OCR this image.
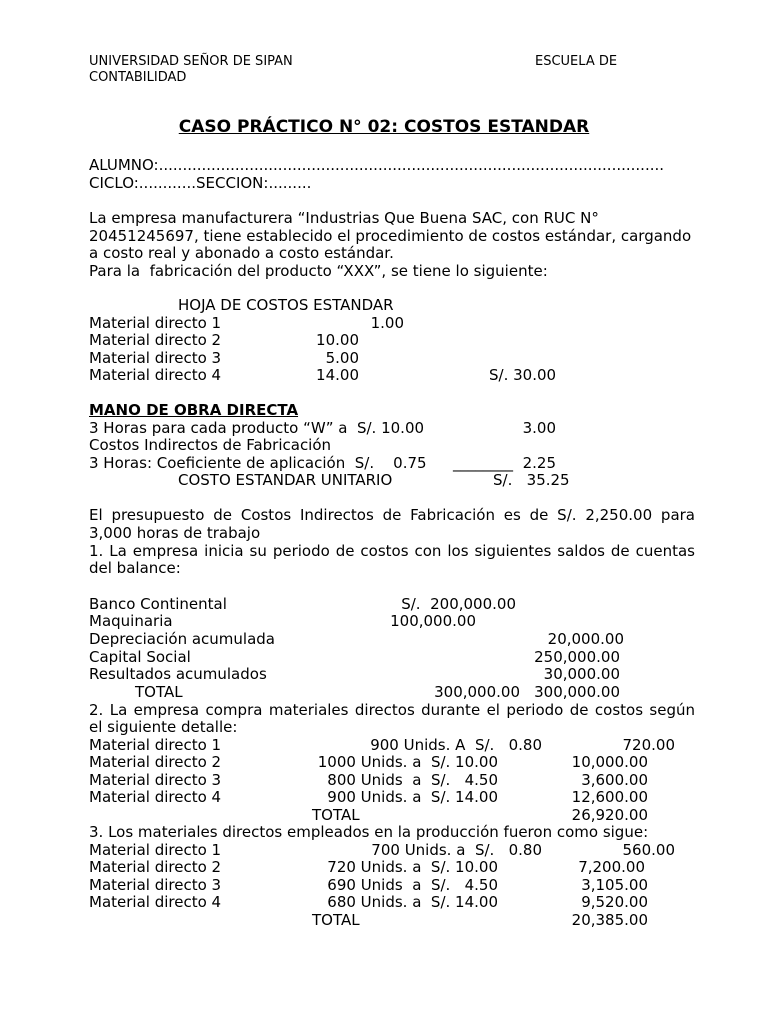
UNIVERSIDAD SEÑOR DE SIPAN	ESCUELA DE
CONTABILIDAD
CASO PRÁCTICO N° 02: COSTOS ESTANDAR
ALUMNO:..........................................................................................................
CICLO:............SECCION:.........
La empresa manufacturera “Industrias Que Buena SAC, con RUC N°
20451245697, tiene establecido el procedimiento de costos estándar, cargando
a costo real y abonado a costo estándar.
Para la  fabricación del producto “XXX”, se tiene lo siguiente:
HOJA DE COSTOS ESTANDAR
Material directo 1	1.00
Material directo 2	10.00
Material directo 3	5.00
Material directo 4	14.00	S/. 30.00
MANO DE OBRA DIRECTA
3 Horas para cada producto “W” a  S/. 10.00	3.00
Costos Indirectos de Fabricación
3 Horas: Coeficiente de aplicación  S/.    0.75 ________ 2.25
COSTO ESTANDAR UNITARIO	S/.   35.25
El presupuesto de Costos Indirectos de Fabricación es de S/. 2,250.00 para
3,000 horas de trabajo
1. La empresa inicia su periodo de costos con los siguientes saldos de cuentas
del balance:
Banco Continental	S/.  200,000.00
Maquinaria	100,000.00
Depreciación acumulada	20,000.00
Capital Social	250,000.00
Resultados acumulados	30,000.00
TOTAL	300,000.00 300,000.00
2. La empresa compra materiales directos durante el periodo de costos según
el siguiente detalle:
Material directo 1	900 Unids. A  S/.   0.80	720.00
Material directo 2	1000 Unids. a  S/. 10.00	10,000.00
Material directo 3	800 Unids  a  S/.   4.50	3,600.00
Material directo 4	900 Unids. a  S/. 14.00	12,600.00
TOTAL	26,920.00
3. Los materiales directos empleados en la producción fueron como sigue:
Material directo 1	700 Unids. a  S/.   0.80	560.00
Material directo 2	720 Unids. a  S/. 10.00	7,200.00
Material directo 3	690 Unids  a  S/.   4.50	3,105.00
Material directo 4	680 Unids. a  S/. 14.00	9,520.00
TOTAL	20,385.00
